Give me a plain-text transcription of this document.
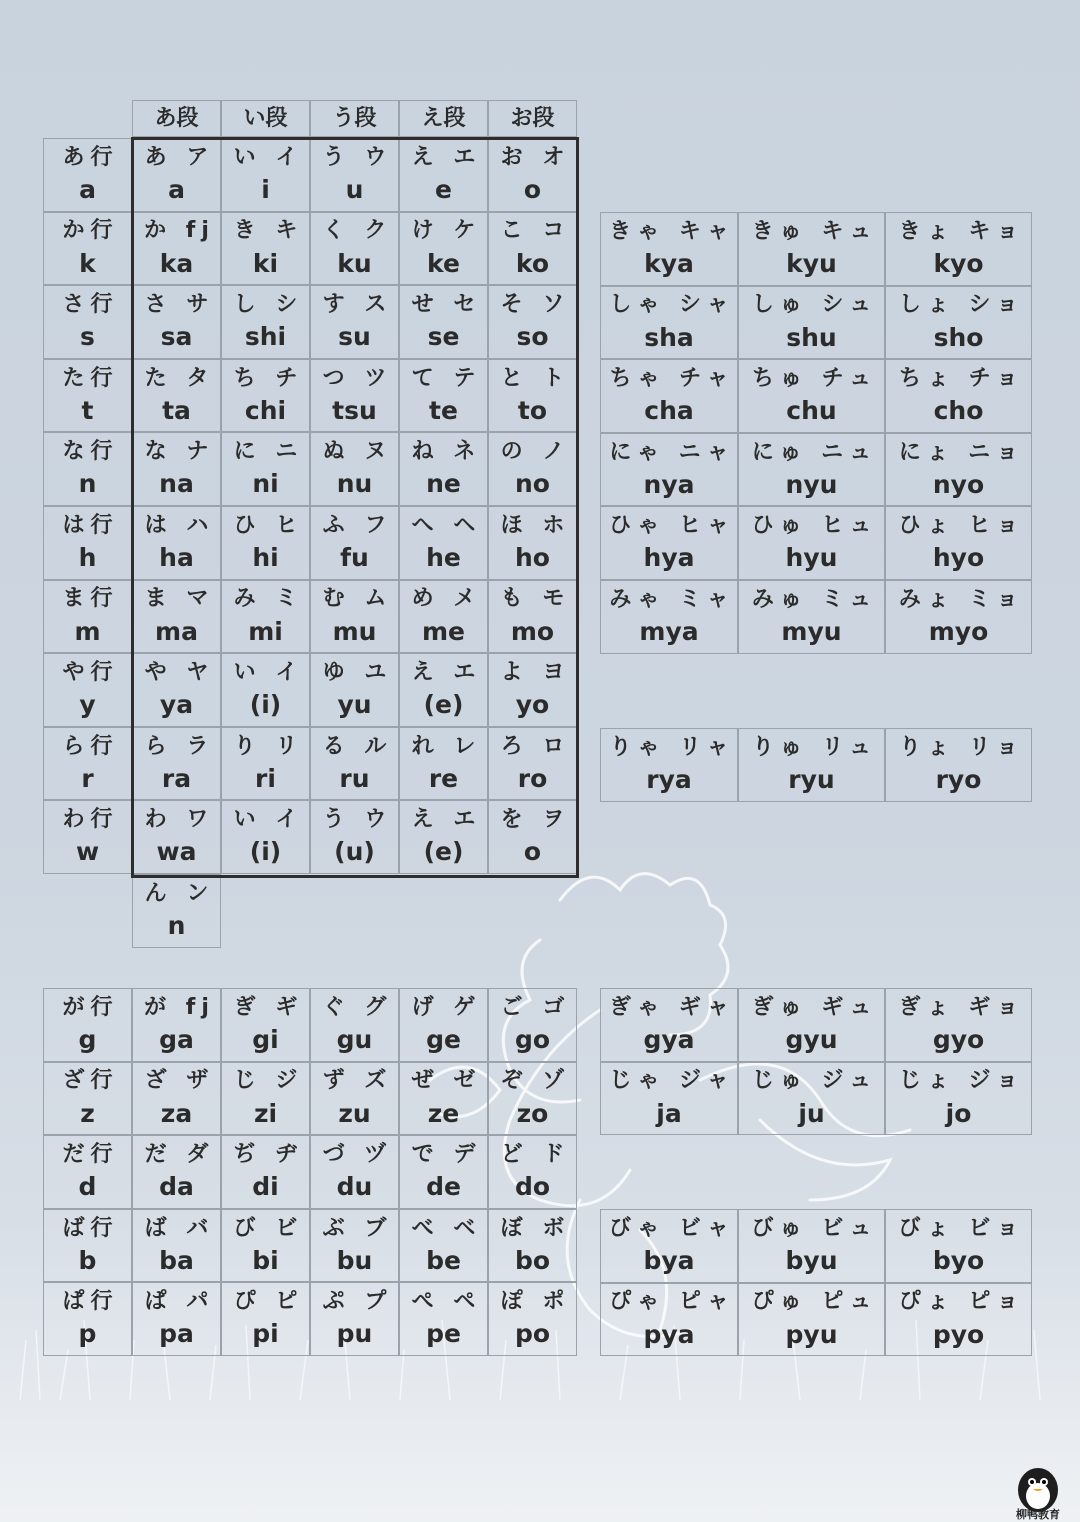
あ段 い段 う段 え段 お段
あ行
a
あ ア
a
い イ
i
う ウ
u
え エ
e
お オ
o
か行
k
か fj
ka
き キ
ki
く ク
ku
け ケ
ke
こ コ
ko
さ行
s
さ サ
sa
し シ
shi
す ス
su
せ セ
se
そ ソ
so
た行
t
た タ
ta
ち チ
chi
つ ツ
tsu
て テ
te
と ト
to
な行
n
な ナ
na
に ニ
ni
ぬ ヌ
nu
ね ネ
ne
の ノ
no
は行
h
は ハ
ha
ひ ヒ
hi
ふ フ
fu
へ ヘ
he
ほ ホ
ho
ま行
m
ま マ
ma
み ミ
mi
む ム
mu
め メ
me
も モ
mo
や行
y
や ヤ
ya
い イ
(i)
ゆ ユ
yu
え エ
(e)
よ ヨ
yo
ら行
r
ら ラ
ra
り リ
ri
る ル
ru
れ レ
re
ろ ロ
ro
わ行
w
わ ワ
wa
い イ
(i)
う ウ
(u)
え エ
(e)
を ヲ
o
ん ン
n
きゃ キャ
kya
きゅ キュ
kyu
きょ キョ
kyo
しゃ シャ
sha
しゅ シュ
shu
しょ ショ
sho
ちゃ チャ
cha
ちゅ チュ
chu
ちょ チョ
cho
にゃ ニャ
nya
にゅ ニュ
nyu
にょ ニョ
nyo
ひゃ ヒャ
hya
ひゅ ヒュ
hyu
ひょ ヒョ
hyo
みゃ ミャ
mya
みゅ ミュ
myu
みょ ミョ
myo
りゃ リャ
rya
りゅ リュ
ryu
りょ リョ
ryo
が行
g
が fj
ga
ぎ ギ
gi
ぐ グ
gu
げ ゲ
ge
ご ゴ
go
ざ行
z
ざ ザ
za
じ ジ
zi
ず ズ
zu
ぜ ゼ
ze
ぞ ゾ
zo
だ行
d
だ ダ
da
ぢ ヂ
di
づ ヅ
du
で デ
de
ど ド
do
ば行
b
ば バ
ba
び ビ
bi
ぶ ブ
bu
べ ベ
be
ぼ ボ
bo
ぱ行
p
ぱ パ
pa
ぴ ピ
pi
ぷ プ
pu
ぺ ペ
pe
ぽ ポ
po
ぎゃ ギャ
gya
ぎゅ ギュ
gyu
ぎょ ギョ
gyo
じゃ ジャ
ja
じゅ ジュ
ju
じょ ジョ
jo
びゃ ビャ
bya
びゅ ビュ
byu
びょ ビョ
byo
ぴゃ ピャ
pya
ぴゅ ピュ
pyu
ぴょ ピョ
pyo
柳鸭教育
